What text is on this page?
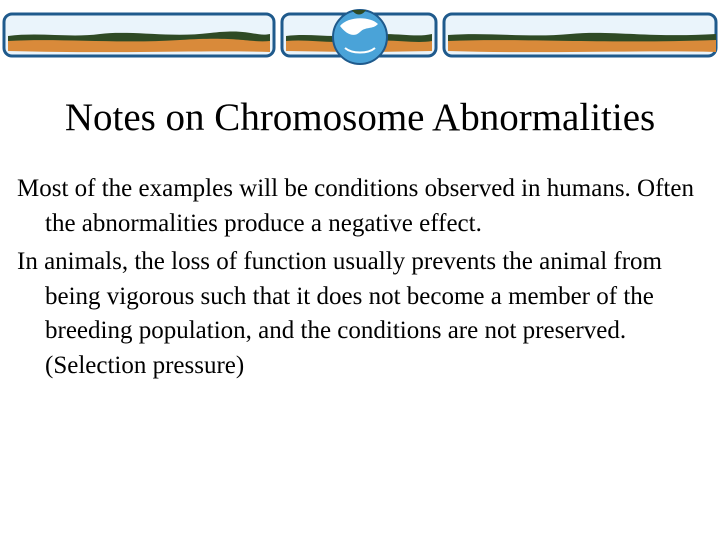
Notes on Chromosome Abnormalities
Most of the examples will be conditions observed in humans. Often the abnormalities produce a negative effect.
In animals, the loss of function usually prevents the animal from being vigorous such that it does not become a member of the breeding population, and the conditions are not preserved. (Selection pressure)
